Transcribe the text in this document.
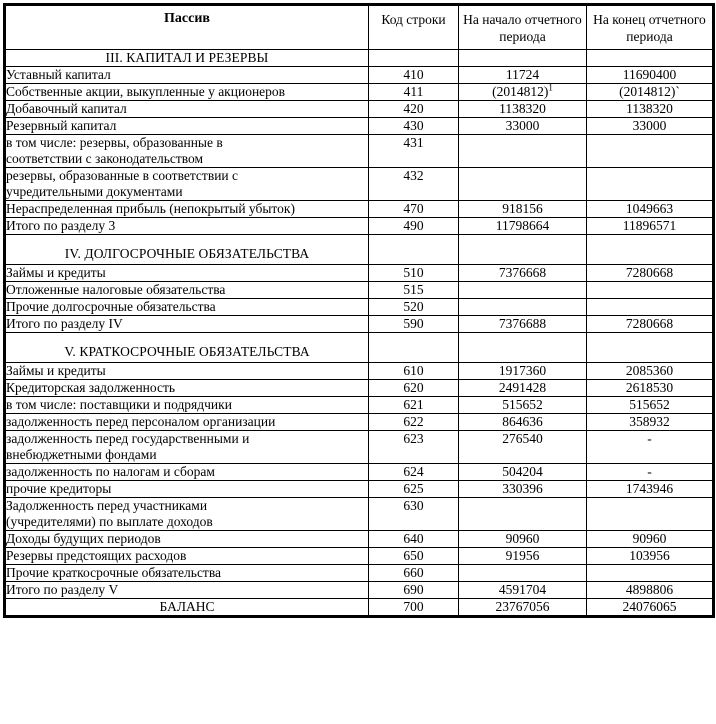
Пассив	Код строки	На начало отчетного периода	На конец отчетного периода
III. КАПИТАЛ И РЕЗЕРВЫ			
Уставный капитал	410	11724	11690400
Собственные акции, выкупленные у акционеров	411	(2014812)$^1$	(2014812)`
Добавочный капитал	420	1138320	1138320
Резервный капитал	430	33000	33000
в том числе: резервы, образованные всоответствии с законодательством	431		
резервы, образованные в соответствии сучредительными документами	432		
Нераспределенная прибыль (непокрытый убыток)	470	918156	1049663
Итого по разделу 3	490	11798664	11896571
IV. ДОЛГОСРОЧНЫЕ ОБЯЗАТЕЛЬСТВА			
Займы и кредиты	510	7376668	7280668
Отложенные налоговые обязательства	515		
Прочие долгосрочные обязательства	520		
Итого по разделу IV	590	7376688	7280668
V. КРАТКОСРОЧНЫЕ ОБЯЗАТЕЛЬСТВА			
Займы и кредиты	610	1917360	2085360
Кредиторская задолженность	620	2491428	2618530
в том числе: поставщики и подрядчики	621	515652	515652
задолженность перед персоналом организации	622	864636	358932
задолженность перед государственными ивнебюджетными фондами	623	276540	-
задолженность по налогам и сборам	624	504204	-
прочие кредиторы	625	330396	1743946
Задолженность перед участниками(учредителями) по выплате доходов	630		
Доходы будущих периодов	640	90960	90960
Резервы предстоящих расходов	650	91956	103956
Прочие краткосрочные обязательства	660		
Итого по разделу V	690	4591704	4898806
БАЛАНС	700	23767056	24076065
